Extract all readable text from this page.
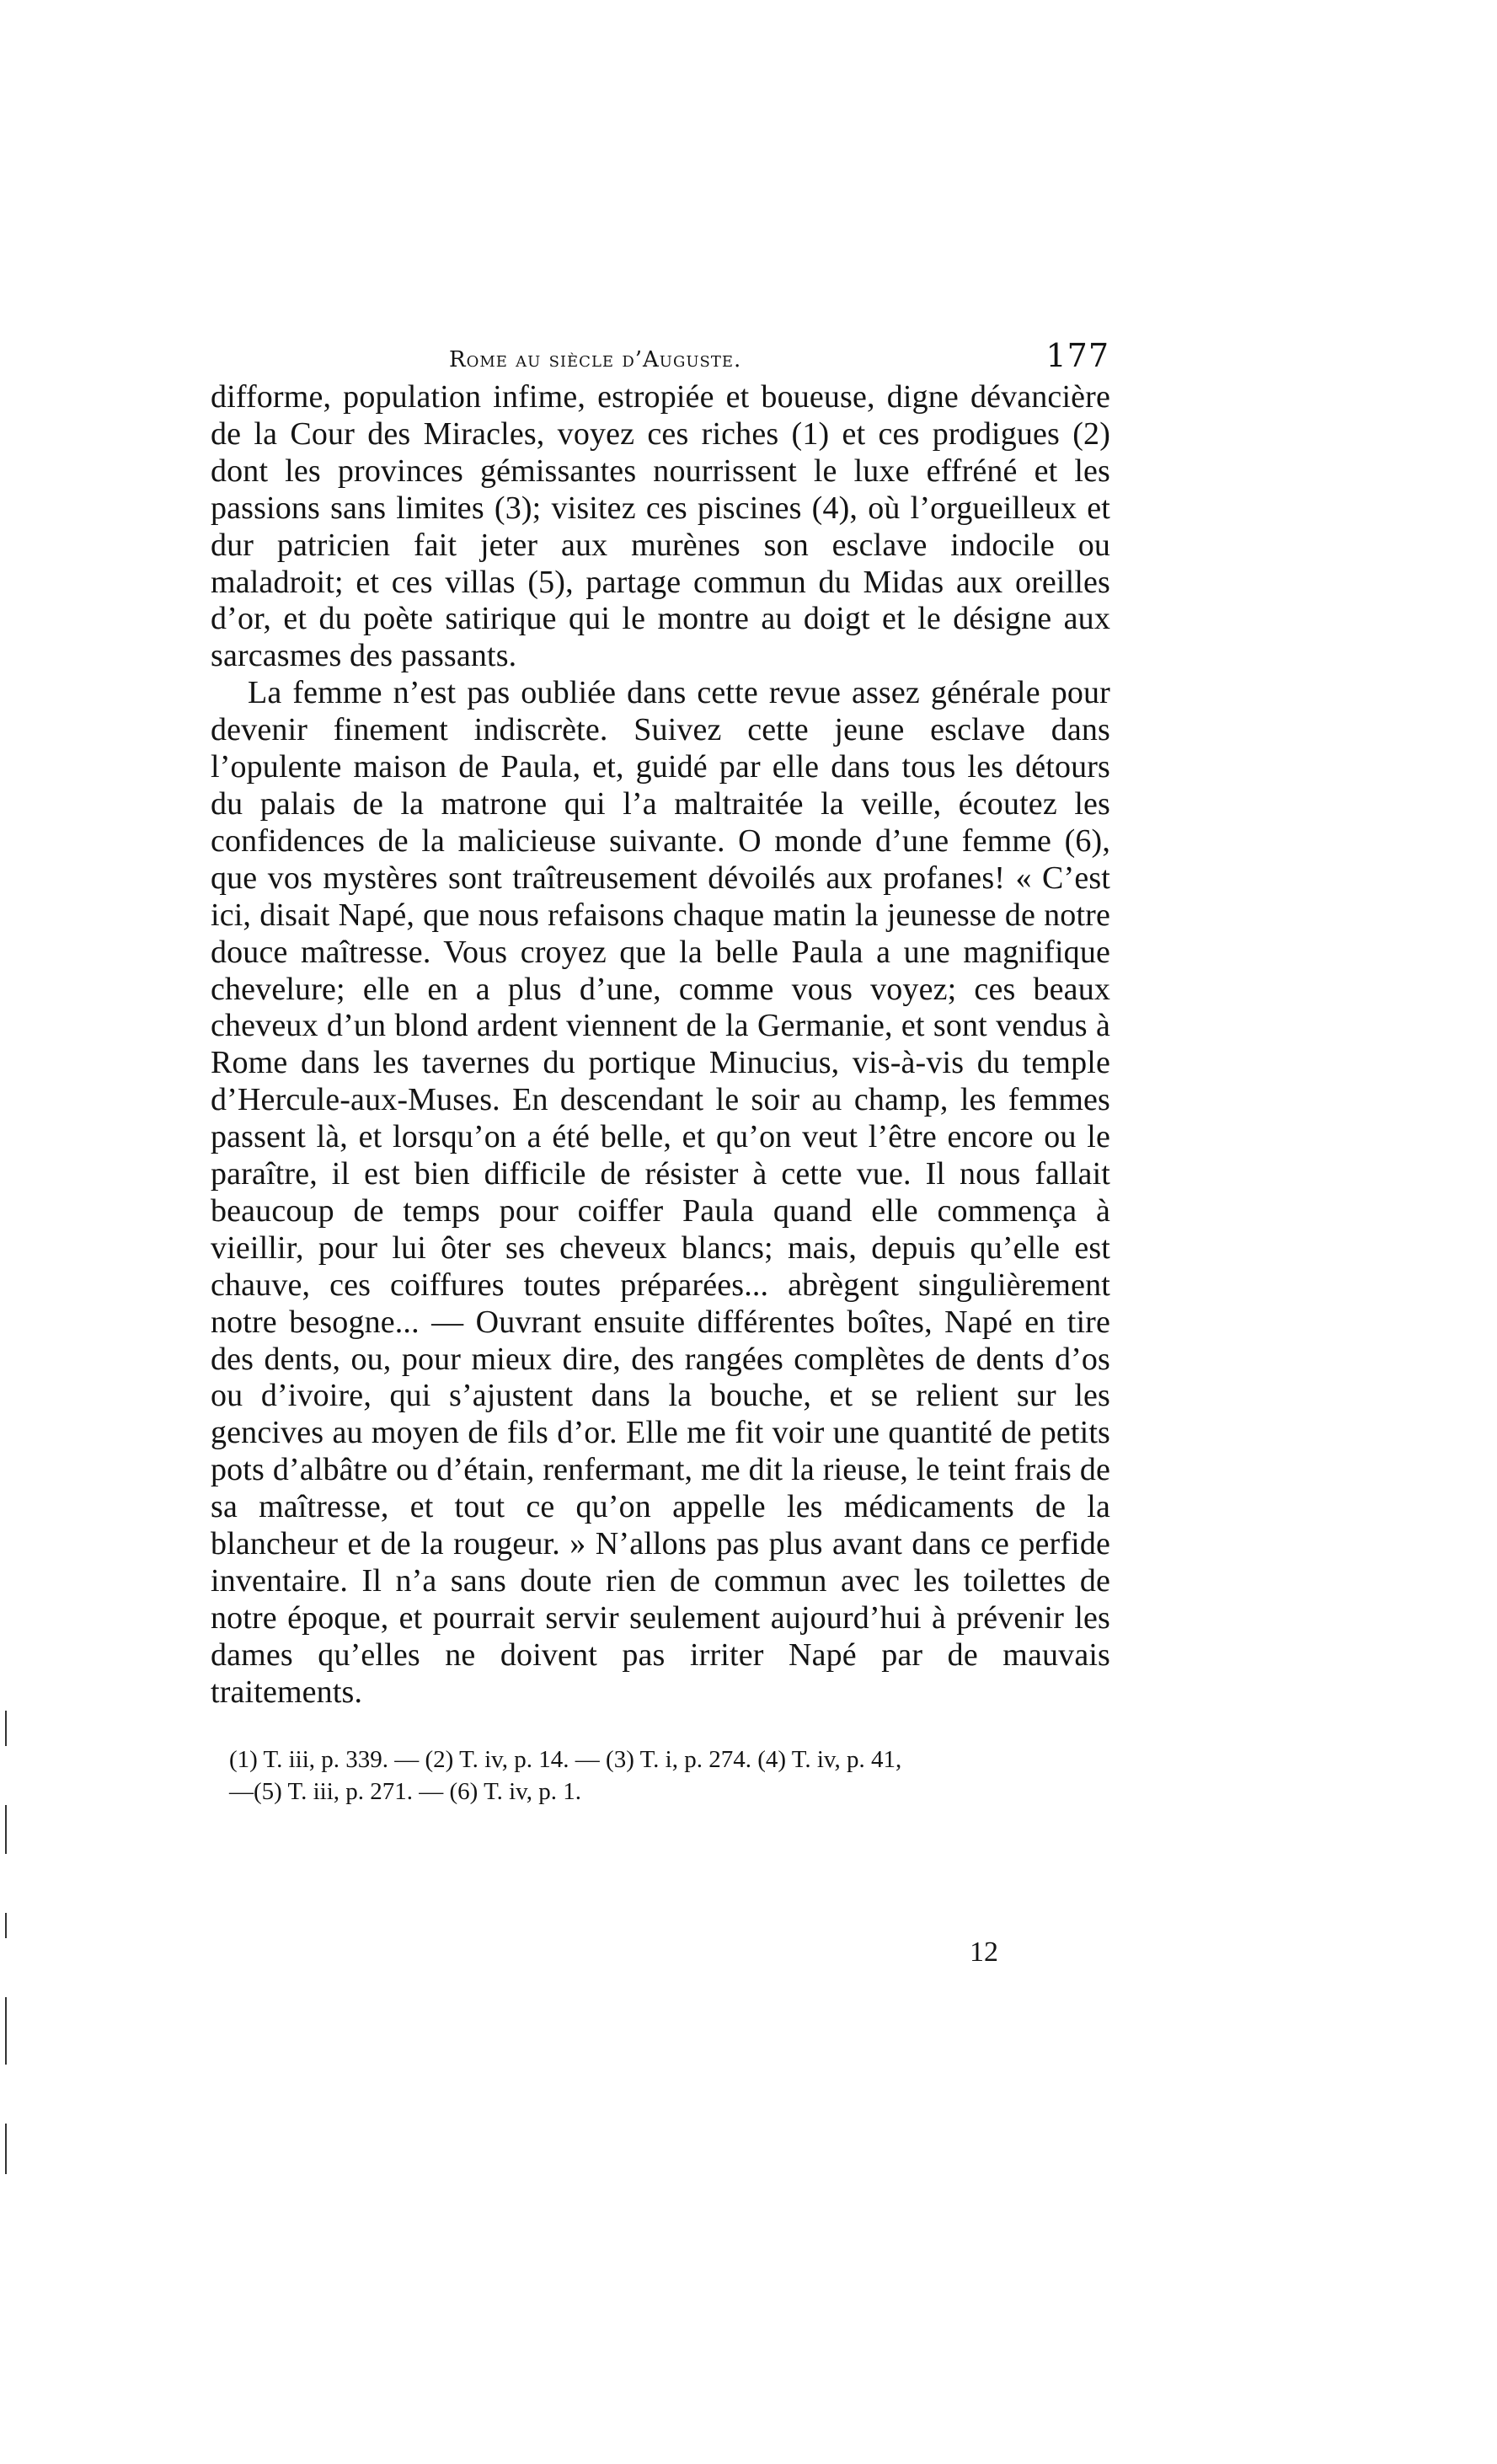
Rome au siècle d’Auguste.	177

difforme, population infime, estropiée et boueuse, digne dévancière de la Cour des Miracles, voyez ces riches (1) et ces prodigues (2) dont les provinces gémissantes nourrissent le luxe effréné et les passions sans limites (3); visitez ces piscines (4), où l’orgueilleux et dur patricien fait jeter aux murènes son esclave indocile ou maladroit; et ces villas (5), partage commun du Midas aux oreilles d’or, et du poète satirique qui le montre au doigt et le désigne aux sarcasmes des passants.

La femme n’est pas oubliée dans cette revue assez générale pour devenir finement indiscrète. Suivez cette jeune esclave dans l’opulente maison de Paula, et, guidé par elle dans tous les détours du palais de la matrone qui l’a maltraitée la veille, écoutez les confidences de la malicieuse suivante. O monde d’une femme (6), que vos mystères sont traîtreusement dévoilés aux profanes! « C’est ici, disait Napé, que nous refaisons chaque matin la jeunesse de notre douce maîtresse. Vous croyez que la belle Paula a une magnifique chevelure; elle en a plus d’une, comme vous voyez; ces beaux cheveux d’un blond ardent viennent de la Germanie, et sont vendus à Rome dans les tavernes du portique Minucius, vis-à-vis du temple d’Hercule-aux-Muses. En descendant le soir au champ, les femmes passent là, et lorsqu’on a été belle, et qu’on veut l’être encore ou le paraître, il est bien difficile de résister à cette vue. Il nous fallait beaucoup de temps pour coiffer Paula quand elle commença à vieillir, pour lui ôter ses cheveux blancs; mais, depuis qu’elle est chauve, ces coiffures toutes préparées... abrègent singulièrement notre besogne... — Ouvrant ensuite différentes boîtes, Napé en tire des dents, ou, pour mieux dire, des rangées complètes de dents d’os ou d’ivoire, qui s’ajustent dans la bouche, et se relient sur les gencives au moyen de fils d’or. Elle me fit voir une quantité de petits pots d’albâtre ou d’étain, renfermant, me dit la rieuse, le teint frais de sa maîtresse, et tout ce qu’on appelle les médicaments de la blancheur et de la rougeur. » N’allons pas plus avant dans ce perfide inventaire. Il n’a sans doute rien de commun avec les toilettes de notre époque, et pourrait servir seulement aujourd’hui à prévenir les dames qu’elles ne doivent pas irriter Napé par de mauvais traitements.

(1) T. iii, p. 339. — (2) T. iv, p. 14. — (3) T. i, p. 274. (4) T. iv, p. 41,
—(5) T. iii, p. 271. — (6) T. iv, p. 1.
12
